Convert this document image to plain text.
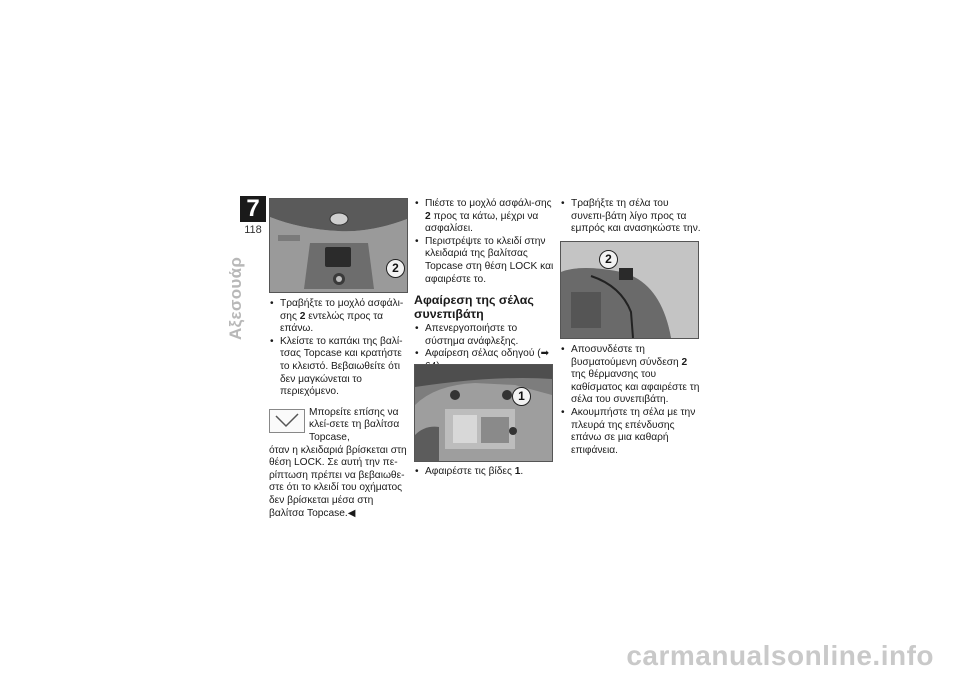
7
118
Αξεσουάρ	2
• Τραβήξτε το μοχλό ασφάλι-σης 2 εντελώς προς τα επάνω.
• Κλείστε το καπάκι της βαλί-τσας Topcase και κρατήστε το κλειστό. Βεβαιωθείτε ότι δεν μαγκώνεται το περιεχόμενο.

Μπορείτε επίσης να κλεί-σετε τη βαλίτσα Topcase,

όταν η κλειδαριά βρίσκεται στη θέση LOCK. Σε αυτή την πε-ρίπτωση πρέπει να βεβαιωθε-στε ότι το κλειδί του οχήματος δεν βρίσκεται μέσα στη βαλίτσα Topcase.◀

• Πιέστε το μοχλό ασφάλι-σης 2 προς τα κάτω, μέχρι να ασφαλίσει.
• Περιστρέψτε το κλειδί στην κλειδαριά της βαλίτσας Topcase στη θέση LOCK και αφαιρέστε το.
Αφαίρεση της σέλας συνεπιβάτη
• Απενεργοποιήστε το σύστημα ανάφλεξης.
• Αφαίρεση σέλας οδηγού (➡
1
• Αφαιρέστε τις βίδες 1.
• Τραβήξτε τη σέλα του συνεπι-βάτη λίγο προς τα εμπρός και ανασηκώστε την.
2
• Αποσυνδέστε τη βυσματούμενη σύνδεση 2 της θέρμανσης του καθίσματος και αφαιρέστε τη σέλα του συνεπιβάτη.
• Ακουμπήστε τη σέλα με την πλευρά της επένδυσης επάνω σε μια καθαρή επιφάνεια.
carmanualsonline.info
